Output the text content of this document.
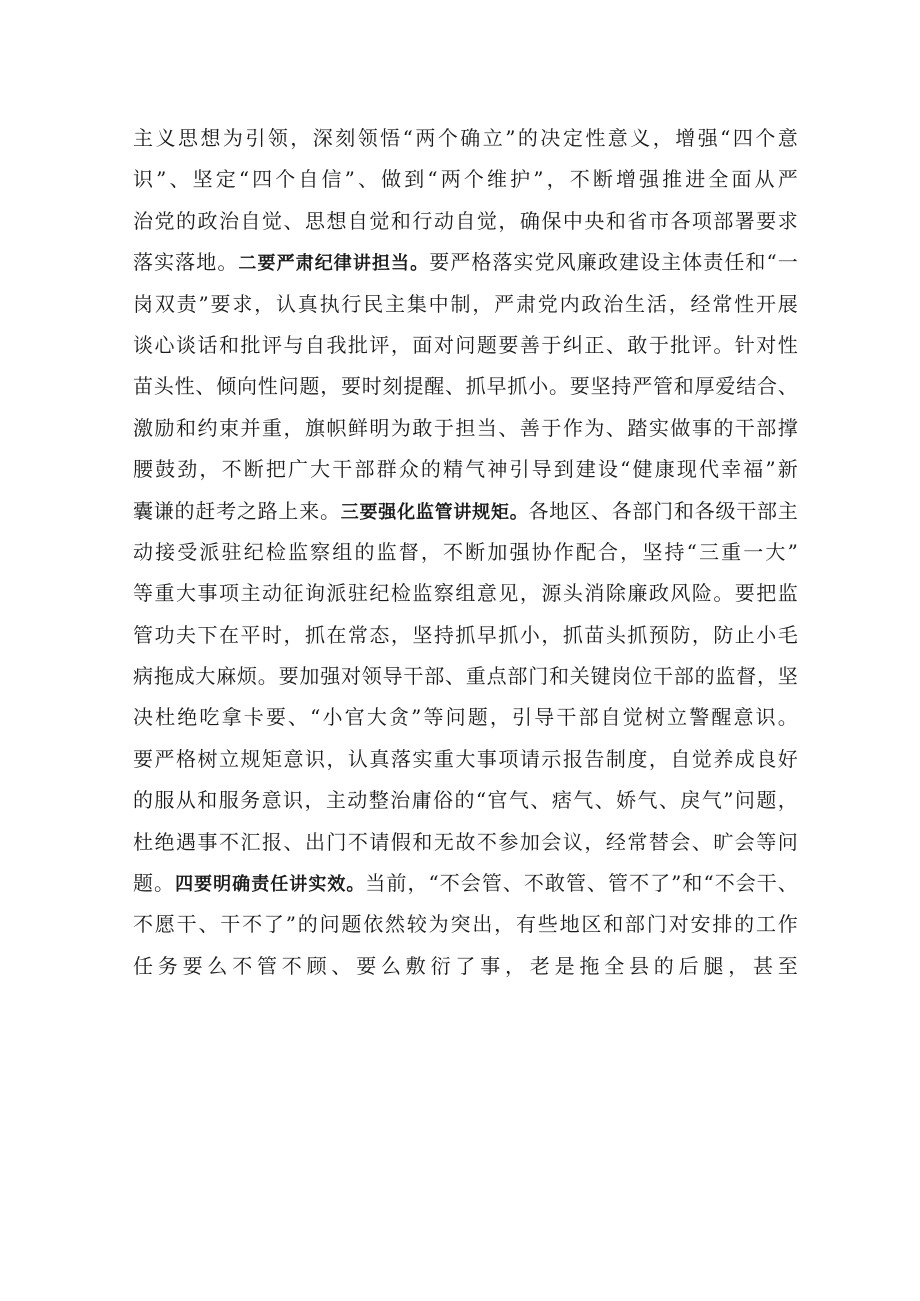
主义思想为引领，深刻领悟“两个确立”的决定性意义，增强“四个意
识”、坚定“四个自信”、做到“两个维护”，不断增强推进全面从严
治党的政治自觉、思想自觉和行动自觉，确保中央和省市各项部署要求
落实落地。二要严肃纪律讲担当。要严格落实党风廉政建设主体责任和“一
岗双责”要求，认真执行民主集中制，严肃党内政治生活，经常性开展
谈心谈话和批评与自我批评，面对问题要善于纠正、敢于批评。针对性
苗头性、倾向性问题，要时刻提醒、抓早抓小。要坚持严管和厚爱结合、
激励和约束并重，旗帜鲜明为敢于担当、善于作为、踏实做事的干部撑
腰鼓劲，不断把广大干部群众的精气神引导到建设“健康现代幸福”新
囊谦的赶考之路上来。三要强化监管讲规矩。各地区、各部门和各级干部主
动接受派驻纪检监察组的监督，不断加强协作配合，坚持“三重一大”
等重大事项主动征询派驻纪检监察组意见，源头消除廉政风险。要把监
管功夫下在平时，抓在常态，坚持抓早抓小，抓苗头抓预防，防止小毛
病拖成大麻烦。要加强对领导干部、重点部门和关键岗位干部的监督，坚
决杜绝吃拿卡要、“小官大贪”等问题，引导干部自觉树立警醒意识。
要严格树立规矩意识，认真落实重大事项请示报告制度，自觉养成良好
的服从和服务意识，主动整治庸俗的“官气、痞气、娇气、戾气”问题，
杜绝遇事不汇报、出门不请假和无故不参加会议，经常替会、旷会等问
题。四要明确责任讲实效。当前，“不会管、不敢管、管不了”和“不会干、
不愿干、干不了”的问题依然较为突出，有些地区和部门对安排的工作
任务要么不管不顾、要么敷衍了事，老是拖全县的后腿，甚至
